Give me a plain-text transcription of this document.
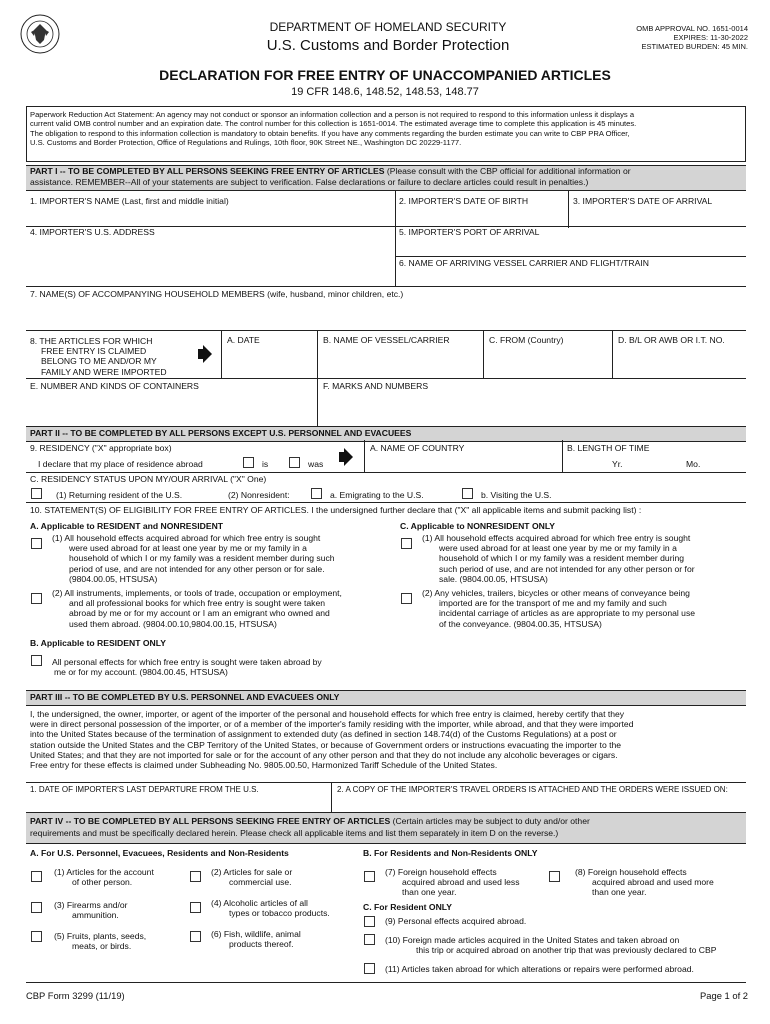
DEPARTMENT OF HOMELAND SECURITY
U.S. Customs and Border Protection
OMB APPROVAL NO. 1651-0014
EXPIRES: 11-30-2022
ESTIMATED BURDEN: 45 MIN.
DECLARATION FOR FREE ENTRY OF UNACCOMPANIED ARTICLES
19 CFR 148.6, 148.52, 148.53, 148.77
Paperwork Reduction Act Statement: An agency may not conduct or sponsor an information collection and a person is not required to respond to this information unless it displays a
current valid OMB control number and an expiration date. The control number for this collection is 1651-0014. The estimated average time to complete this application is 45 minutes.
The obligation to respond to this information collection is mandatory to obtain benefits. If you have any comments regarding the burden estimate you can write to CBP PRA Officer,
U.S. Customs and Border Protection, Office of Regulations and Rulings, 10th floor, 90K Street NE., Washington DC 20229-1177.
PART I -- TO BE COMPLETED BY ALL PERSONS SEEKING FREE ENTRY OF ARTICLES (Please consult with the CBP official for additional information or
assistance. REMEMBER--All of your statements are subject to verification. False declarations or failure to declare articles could result in penalties.)
1. IMPORTER'S NAME (Last, first and middle initial)	2. IMPORTER'S DATE OF BIRTH	3. IMPORTER'S DATE OF ARRIVAL
4. IMPORTER'S U.S. ADDRESS	5. IMPORTER'S PORT OF ARRIVAL
6. NAME OF ARRIVING VESSEL CARRIER AND FLIGHT/TRAIN
7. NAME(S) OF ACCOMPANYING HOUSEHOLD MEMBERS (wife, husband, minor children, etc.)
8. THE ARTICLES FOR WHICH
FREE ENTRY IS CLAIMED
BELONG TO ME AND/OR MY
FAMILY AND WERE IMPORTED
A. DATE	B. NAME OF VESSEL/CARRIER	C. FROM (Country)	D. B/L OR AWB OR I.T. NO.
E. NUMBER AND KINDS OF CONTAINERS	F. MARKS AND NUMBERS
PART II -- TO BE COMPLETED BY ALL PERSONS EXCEPT U.S. PERSONNEL AND EVACUEES
9. RESIDENCY ("X" appropriate box)
I declare that my place of residence abroad	is	was
A. NAME OF COUNTRY	B. LENGTH OF TIME
Yr.	Mo.
C. RESIDENCY STATUS UPON MY/OUR ARRIVAL ("X" One)
(1) Returning resident of the U.S.	(2) Nonresident:	a. Emigrating to the U.S.	b. Visiting the U.S.
10. STATEMENT(S) OF ELIGIBILITY FOR FREE ENTRY OF ARTICLES. I the undersigned further declare that ("X" all applicable items and submit packing list) :
A. Applicable to RESIDENT and NONRESIDENT	C. Applicable to NONRESIDENT ONLY
(1) All household effects acquired abroad for which free entry is sought
were used abroad for at least one year by me or my family in a
household of which I or my family was a resident member during such
period of use, and are not intended for any other person or for sale.
(9804.00.05, HTSUSA)
(2) All instruments, implements, or tools of trade, occupation or employment,
and all professional books for which free entry is sought were taken
abroad by me or for my account or I am an emigrant who owned and
used them abroad. (9804.00.10,9804.00.15, HTSUSA)
(1) All household effects acquired abroad for which free entry is sought
were used abroad for at least one year by me or my family in a
household of which I or my family was a resident member during
such period of use, and are not intended for any other person or for
sale. (9804.00.05, HTSUSA)
(2) Any vehicles, trailers, bicycles or other means of conveyance being
imported are for the transport of me and my family and such
incidental carriage of articles as are appropriate to my personal use
of the conveyance. (9804.00.35, HTSUSA)
B. Applicable to RESIDENT ONLY
All personal effects for which free entry is sought were taken abroad by
me or for my account. (9804.00.45, HTSUSA)
PART III -- TO BE COMPLETED BY U.S. PERSONNEL AND EVACUEES ONLY
I, the undersigned, the owner, importer, or agent of the importer of the personal and household effects for which free entry is claimed, hereby certify that they
were in direct personal possession of the importer, or of a member of the importer's family residing with the importer, while abroad, and that they were imported
into the United States because of the termination of assignment to extended duty (as defined in section 148.74(d) of the Customs Regulations) at a post or
station outside the United States and the CBP Territory of the United States, or because of Government orders or instructions evacuating the importer to the
United States; and that they are not imported for sale or for the account of any other person and that they do not include any alcoholic beverages or cigars.
Free entry for these effects is claimed under Subheading No. 9805.00.50, Harmonized Tariff Schedule of the United States.
1. DATE OF IMPORTER'S LAST DEPARTURE FROM THE U.S.	2. A COPY OF THE IMPORTER'S TRAVEL ORDERS IS ATTACHED AND THE ORDERS WERE ISSUED ON:
PART IV -- TO BE COMPLETED BY ALL PERSONS SEEKING FREE ENTRY OF ARTICLES (Certain articles may be subject to duty and/or other
requirements and must be specifically declared herein. Please check all applicable items and list them separately in item D on the reverse.)
A. For U.S. Personnel, Evacuees, Residents and Non-Residents	B. For Residents and Non-Residents ONLY
(1) Articles for the account
of other person.
(2) Articles for sale or
commercial use.
(3) Firearms and/or
ammunition.
(4) Alcoholic articles of all
types or tobacco products.
(5) Fruits, plants, seeds,
meats, or birds.
(6) Fish, wildlife, animal
products thereof.
(7) Foreign household effects
acquired abroad and used less
than one year.
(8) Foreign household effects
acquired abroad and used more
than one year.
C. For Resident ONLY
(9) Personal effects acquired abroad.
(10) Foreign made articles acquired in the United States and taken abroad on
this trip or acquired abroad on another trip that was previously declared to CBP
(11) Articles taken abroad for which alterations or repairs were performed abroad.
CBP Form 3299 (11/19)	Page 1 of 2
